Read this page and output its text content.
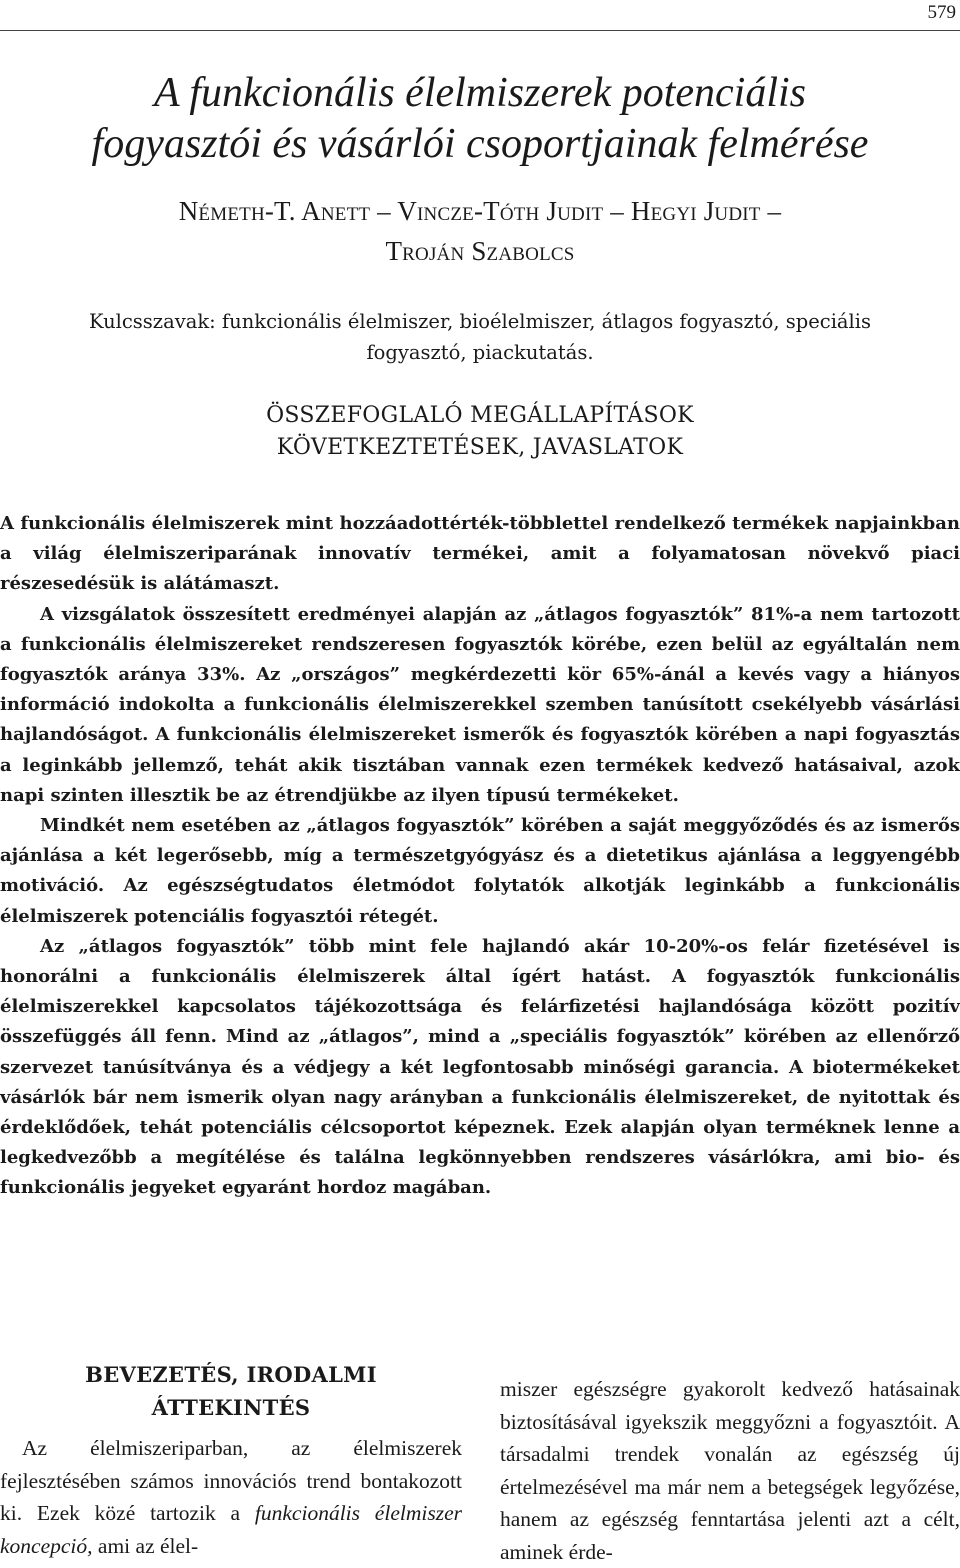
579
A funkcionális élelmiszerek potenciális
fogyasztói és vásárlói csoportjainak felmérése
Németh-T. Anett – Vincze-Tóth Judit – Hegyi Judit –
Troján Szabolcs
Kulcsszavak: funkcionális élelmiszer, bioélelmiszer, átlagos fogyasztó, speciális
fogyasztó, piackutatás.
ÖSSZEFOGLALÓ MEGÁLLAPÍTÁSOK
KÖVETKEZTETÉSEK, JAVASLATOK

A funkcionális élelmiszerek mint hozzáadottérték-többlettel rendelkező termékek napjainkban a világ élelmiszeriparának innovatív termékei, amit a folyamatosan növekvő piaci részesedésük is alátámaszt.

A vizsgálatok összesített eredményei alapján az „átlagos fogyasztók” 81%-a nem tartozott a funkcionális élelmiszereket rendszeresen fogyasztók körébe, ezen belül az egyáltalán nem fogyasztók aránya 33%. Az „országos” megkérdezetti kör 65%-ánál a kevés vagy a hiányos információ indokolta a funkcionális élelmiszerekkel szemben tanúsított csekélyebb vásárlási hajlandóságot. A funkcionális élelmiszereket ismerők és fogyasztók körében a napi fogyasztás a leginkább jellemző, tehát akik tisztában vannak ezen termékek kedvező hatásaival, azok napi szinten illesztik be az étrendjükbe az ilyen típusú termékeket.

Mindkét nem esetében az „átlagos fogyasztók” körében a saját meggyőződés és az ismerős ajánlása a két legerősebb, míg a természetgyógyász és a dietetikus ajánlása a leggyengébb motiváció. Az egészségtudatos életmódot folytatók alkotják leginkább a funkcionális élelmiszerek potenciális fogyasztói rétegét.

Az „átlagos fogyasztók” több mint fele hajlandó akár 10-20%-os felár fizetésével is honorálni a funkcionális élelmiszerek által ígért hatást. A fogyasztók funkcionális élelmiszerekkel kapcsolatos tájékozottsága és felárfizetési hajlandósága között pozitív összefüggés áll fenn. Mind az „átlagos”, mind a „speciális fogyasztók” körében az ellenőrző szervezet tanúsítványa és a védjegy a két legfontosabb minőségi garancia. A biotermékeket vásárlók bár nem ismerik olyan nagy arányban a funkcionális élelmiszereket, de nyitottak és érdeklődőek, tehát potenciális célcsoportot képeznek. Ezek alapján olyan terméknek lenne a legkedvezőbb a megítélése és találna legkönnyebben rendszeres vásárlókra, ami bio- és funkcionális jegyeket egyaránt hordoz magában.

BEVEZETÉS, IRODALMI
ÁTTEKINTÉS

Az élelmiszeriparban, az élelmiszerek fejlesztésében számos innovációs trend bontakozott ki. Ezek közé tartozik a funkcionális élelmiszer koncepció, ami az élel-

miszer egészségre gyakorolt kedvező hatásainak biztosításával igyekszik meggyőzni a fogyasztóit. A társadalmi trendek vonalán az egészség új értelmezésével ma már nem a betegségek legyőzése, hanem az egészség fenntartása jelenti azt a célt, aminek érde-
